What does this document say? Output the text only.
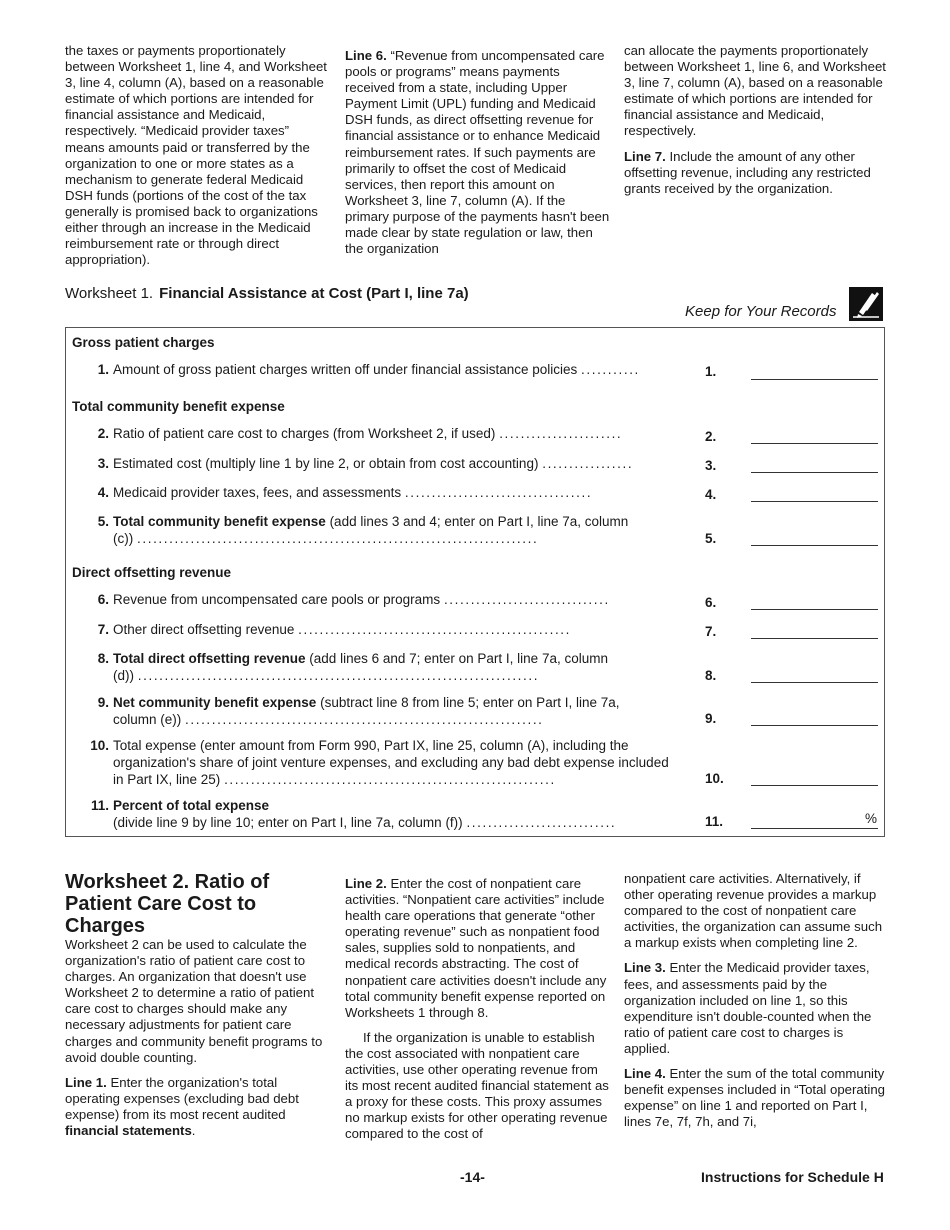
the taxes or payments proportionately between Worksheet 1, line 4, and Worksheet 3, line 4, column (A), based on a reasonable estimate of which portions are intended for financial assistance and Medicaid, respectively. “Medicaid provider taxes” means amounts paid or transferred by the organization to one or more states as a mechanism to generate federal Medicaid DSH funds (portions of the cost of the tax generally is promised back to organizations either through an increase in the Medicaid reimbursement rate or through direct appropriation).

Line 6. “Revenue from uncompensated care pools or programs” means payments received from a state, including Upper Payment Limit (UPL) funding and Medicaid DSH funds, as direct offsetting revenue for financial assistance or to enhance Medicaid reimbursement rates. If such payments are primarily to offset the cost of Medicaid services, then report this amount on Worksheet 3, line 7, column (A). If the primary purpose of the payments hasn't been made clear by state regulation or law, then the organization

can allocate the payments proportionately between Worksheet 1, line 6, and Worksheet 3, line 7, column (A), based on a reasonable estimate of which portions are intended for financial assistance and Medicaid, respectively.

Line 7. Include the amount of any other offsetting revenue, including any restricted grants received by the organization.

Worksheet 1. Financial Assistance at Cost (Part I, line 7a)
Keep for Your Records
Gross patient charges
1. Amount of gross patient charges written off under financial assistance policies ...........	1.
Total community benefit expense
2. Ratio of patient care cost to charges (from Worksheet 2, if used) .......................	2.
3. Estimated cost (multiply line 1 by line 2, or obtain from cost accounting) .................	3.
4. Medicaid provider taxes, fees, and assessments ...................................	4.
5. Total community benefit expense (add lines 3 and 4; enter on Part I, line 7a, column
(c)) ...........................................................................	5.
Direct offsetting revenue
6. Revenue from uncompensated care pools or programs ...............................	6.
7. Other direct offsetting revenue ...................................................	7.
8. Total direct offsetting revenue (add lines 6 and 7; enter on Part I, line 7a, column
(d)) ...........................................................................	8.
9. Net community benefit expense (subtract line 8 from line 5; enter on Part I, line 7a,
column (e)) ...................................................................	9.
10. Total expense (enter amount from Form 990, Part IX, line 25, column (A), including the
organization's share of joint venture expenses, and excluding any bad debt expense included
in Part IX, line 25) ..............................................................	10.
11. Percent of total expense
(divide line 9 by line 10; enter on Part I, line 7a, column (f)) ............................	11.	%
Worksheet 2. Ratio of Patient Care Cost to Charges

Worksheet 2 can be used to calculate the organization's ratio of patient care cost to charges. An organization that doesn't use Worksheet 2 to determine a ratio of patient care cost to charges should make any necessary adjustments for patient care charges and community benefit programs to avoid double counting.

Line 1. Enter the organization's total operating expenses (excluding bad debt expense) from its most recent audited financial statements.

Line 2. Enter the cost of nonpatient care activities. “Nonpatient care activities” include health care operations that generate “other operating revenue” such as nonpatient food sales, supplies sold to nonpatients, and medical records abstracting. The cost of nonpatient care activities doesn't include any total community benefit expense reported on Worksheets 1 through 8.

If the organization is unable to establish the cost associated with nonpatient care activities, use other operating revenue from its most recent audited financial statement as a proxy for these costs. This proxy assumes no markup exists for other operating revenue compared to the cost of

nonpatient care activities. Alternatively, if other operating revenue provides a markup compared to the cost of nonpatient care activities, the organization can assume such a markup exists when completing line 2.

Line 3. Enter the Medicaid provider taxes, fees, and assessments paid by the organization included on line 1, so this expenditure isn't double-counted when the ratio of patient care cost to charges is applied.

Line 4. Enter the sum of the total community benefit expenses included in “Total operating expense” on line 1 and reported on Part I, lines 7e, 7f, 7h, and 7i,

-14-	Instructions for Schedule H
